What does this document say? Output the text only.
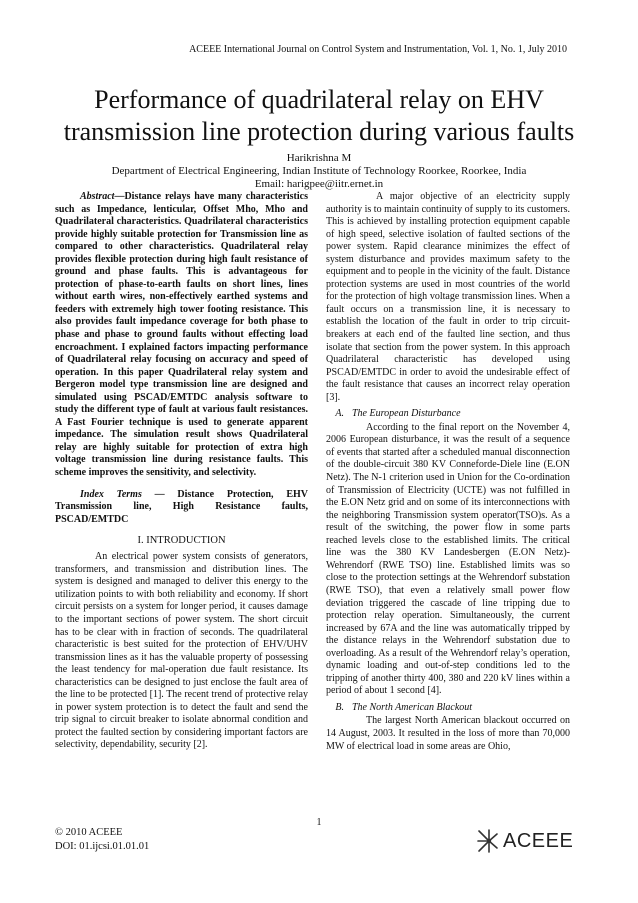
ACEEE International Journal on Control System and Instrumentation, Vol. 1, No. 1, July 2010
Performance of quadrilateral relay on EHV
transmission line protection during various faults
Harikrishna M
Department of Electrical Engineering, Indian Institute of Technology Roorkee, Roorkee, India
Email: harigpee@iitr.ernet.in

Abstract—Distance relays have many characteristics such as Impedance, lenticular, Offset Mho, Mho and Quadrilateral characteristics. Quadrilateral characteristics provide highly suitable protection for Transmission line as compared to other characteristics. Quadrilateral relay provides flexible protection during high fault resistance of ground and phase faults. This is advantageous for protection of phase-to-earth faults on short lines, lines without earth wires, non-effectively earthed systems and feeders with extremely high tower footing resistance. This also provides fault impedance coverage for both phase to phase and phase to ground faults without effecting load encroachment. I explained factors impacting performance of Quadrilateral relay focusing on accuracy and speed of operation. In this paper Quadrilateral relay system and Bergeron model type transmission line are designed and simulated using PSCAD/EMTDC analysis software to study the different type of fault at various fault resistances. A Fast Fourier technique is used to generate apparent impedance. The simulation result shows Quadrilateral relay are highly suitable for protection of extra high voltage transmission line during resistance faults. This scheme improves the sensitivity, and selectivity.

Index Terms — Distance Protection, EHV Transmission line, High Resistance faults, PSCAD/EMTDC

I. INTRODUCTION

An electrical power system consists of generators, transformers, and transmission and distribution lines. The system is designed and managed to deliver this energy to the utilization points to with both reliability and economy. If short circuit persists on a system for longer period, it causes damage to the important sections of power system. The short circuit has to be clear with in fraction of seconds. The quadrilateral characteristic is best suited for the protection of EHV/UHV transmission lines as it has the valuable property of possessing the least tendency for mal-operation due fault resistance. Its characteristics can be designed to just enclose the fault area of the line to be protected [1]. The recent trend of protective relay in power system protection is to detect the fault and send the trip signal to circuit breaker to isolate abnormal condition and protect the faulted section by considering important factors are selectivity, dependability, security [2].

A major objective of an electricity supply authority is to maintain continuity of supply to its customers. This is achieved by installing protection equipment capable of high speed, selective isolation of faulted sections of the power system. Rapid clearance minimizes the effect of system disturbance and provides maximum safety to the equipment and to people in the vicinity of the fault. Distance protection systems are used in most countries of the world for the protection of high voltage transmission lines. When a fault occurs on a transmission line, it is necessary to establish the location of the fault in order to trip circuit-breakers at each end of the faulted line section, and thus isolate that section from the power system. In this approach Quadrilateral characteristic has developed using PSCAD/EMTDC in order to avoid the undesirable effect of the fault resistance that causes an incorrect relay operation [3].

A. The European Disturbance

According to the final report on the November 4, 2006 European disturbance, it was the result of a sequence of events that started after a scheduled manual disconnection of the double-circuit 380 KV Conneforde-Diele line (E.ON Netz). The N-1 criterion used in Union for the Co-ordination of Transmission of Electricity (UCTE) was not fulfilled in the E.ON Netz grid and on some of its interconnections with the neighboring Transmission system operator(TSO)s. As a result of the switching, the power flow in some parts reached levels close to the established limits. The critical line was the 380 KV Landesbergen (E.ON Netz)-Wehrendorf (RWE TSO) line. Established limits was so close to the protection settings at the Wehrendorf substation (RWE TSO), that even a relatively small power flow deviation triggered the cascade of line tripping due to protection relay operation. Simultaneously, the current increased by 67A and the line was automatically tripped by the distance relays in the Wehrendorf substation due to overloading. As a result of the Wehrendorf relay’s operation, dynamic loading and out-of-step conditions led to the tripping of another thirty 400, 380 and 220 kV lines within a period of about 1 second [4].

B. The North American Blackout

The largest North American blackout occurred on 14 August, 2003. It resulted in the loss of more than 70,000 MW of electrical load in some areas are Ohio,

1
© 2010 ACEEE
DOI: 01.ijcsi.01.01.01	ACEEE
